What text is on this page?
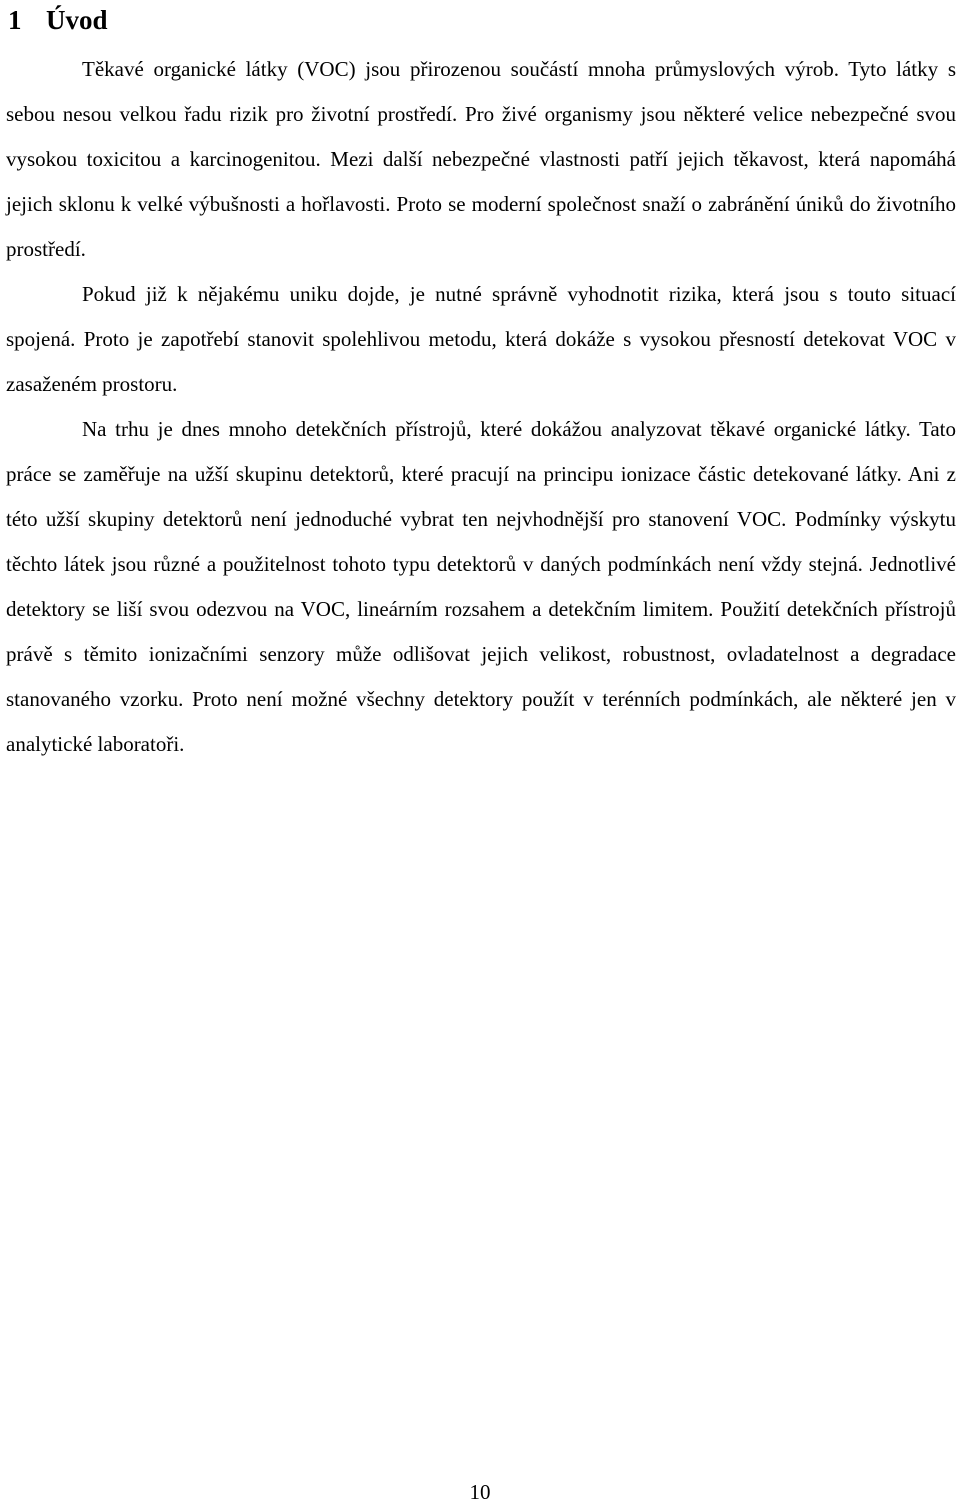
1 Úvod

Těkavé organické látky (VOC) jsou přirozenou součástí mnoha průmyslových výrob. Tyto látky s sebou nesou velkou řadu rizik pro životní prostředí. Pro živé organismy jsou některé velice nebezpečné svou vysokou toxicitou a karcinogenitou. Mezi další nebezpečné vlastnosti patří jejich těkavost, která napomáhá jejich sklonu k velké výbušnosti a hořlavosti. Proto se moderní společnost snaží o zabránění úniků do životního prostředí.

Pokud již k nějakému uniku dojde, je nutné správně vyhodnotit rizika, která jsou s touto situací spojená. Proto je zapotřebí stanovit spolehlivou metodu, která dokáže s vysokou přesností detekovat VOC v zasaženém prostoru.

Na trhu je dnes mnoho detekčních přístrojů, které dokážou analyzovat těkavé organické látky. Tato práce se zaměřuje na užší skupinu detektorů, které pracují na principu ionizace částic detekované látky. Ani z této užší skupiny detektorů není jednoduché vybrat ten nejvhodnější pro stanovení VOC. Podmínky výskytu těchto látek jsou různé a použitelnost tohoto typu detektorů v daných podmínkách není vždy stejná. Jednotlivé detektory se liší svou odezvou na VOC, lineárním rozsahem a detekčním limitem. Použití detekčních přístrojů právě s těmito ionizačními senzory může odlišovat jejich velikost, robustnost, ovladatelnost a degradace stanovaného vzorku. Proto není možné všechny detektory použít v terénních podmínkách, ale některé jen v analytické laboratoři.

10
